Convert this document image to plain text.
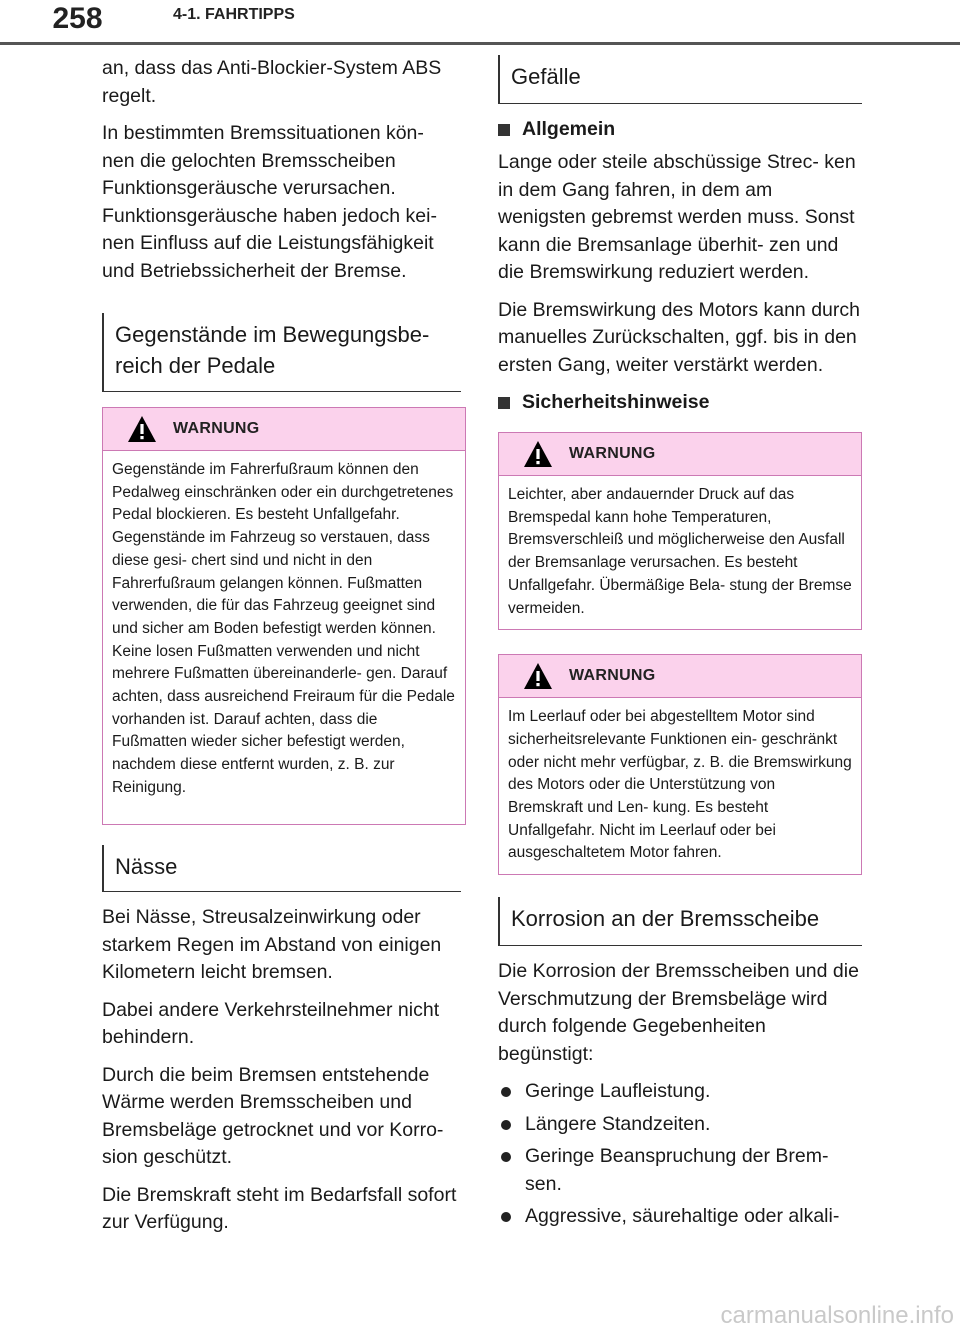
258	4-1. FAHRTIPPS

an, dass das Anti-Blockier-System ABS regelt.

In bestimmten Bremssituationen kön- nen die gelochten Bremsscheiben Funktionsgeräusche verursachen. Funktionsgeräusche haben jedoch kei- nen Einfluss auf die Leistungsfähigkeit und Betriebssicherheit der Bremse.

Gegenstände im Bewegungsbe- reich der Pedale
WARNUNG
Gegenstände im Fahrerfußraum können den Pedalweg einschränken oder ein durchgetretenes Pedal blockieren. Es besteht Unfallgefahr. Gegenstände im Fahrzeug so verstauen, dass diese gesi- chert sind und nicht in den Fahrerfußraum gelangen können. Fußmatten verwenden, die für das Fahrzeug geeignet sind und sicher am Boden befestigt werden können. Keine losen Fußmatten verwenden und nicht mehrere Fußmatten übereinanderle- gen. Darauf achten, dass ausreichend Freiraum für die Pedale vorhanden ist. Darauf achten, dass die Fußmatten wieder sicher befestigt werden, nachdem diese entfernt wurden, z. B. zur Reinigung.
Nässe

Bei Nässe, Streusalzeinwirkung oder starkem Regen im Abstand von einigen Kilometern leicht bremsen.

Dabei andere Verkehrsteilnehmer nicht behindern.

Durch die beim Bremsen entstehende Wärme werden Bremsscheiben und Bremsbeläge getrocknet und vor Korro- sion geschützt.

Die Bremskraft steht im Bedarfsfall sofort zur Verfügung.

Gefälle
Allgemein

Lange oder steile abschüssige Strec- ken in dem Gang fahren, in dem am wenigsten gebremst werden muss. Sonst kann die Bremsanlage überhit- zen und die Bremswirkung reduziert werden.

Die Bremswirkung des Motors kann durch manuelles Zurückschalten, ggf. bis in den ersten Gang, weiter verstärkt werden.

Sicherheitshinweise
WARNUNG
Leichter, aber andauernder Druck auf das Bremspedal kann hohe Temperaturen, Bremsverschleiß und möglicherweise den Ausfall der Bremsanlage verursachen. Es besteht Unfallgefahr. Übermäßige Bela- stung der Bremse vermeiden.
WARNUNG
Im Leerlauf oder bei abgestelltem Motor sind sicherheitsrelevante Funktionen ein- geschränkt oder nicht mehr verfügbar, z. B. die Bremswirkung des Motors oder die Unterstützung von Bremskraft und Len- kung. Es besteht Unfallgefahr. Nicht im Leerlauf oder bei ausgeschaltetem Motor fahren.
Korrosion an der Bremsscheibe

Die Korrosion der Bremsscheiben und die Verschmutzung der Bremsbeläge wird durch folgende Gegebenheiten begünstigt:

Geringe Laufleistung.
Längere Standzeiten.
Geringe Beanspruchung der Brem- sen.
Aggressive, säurehaltige oder alkali-
carmanualsonline.info
